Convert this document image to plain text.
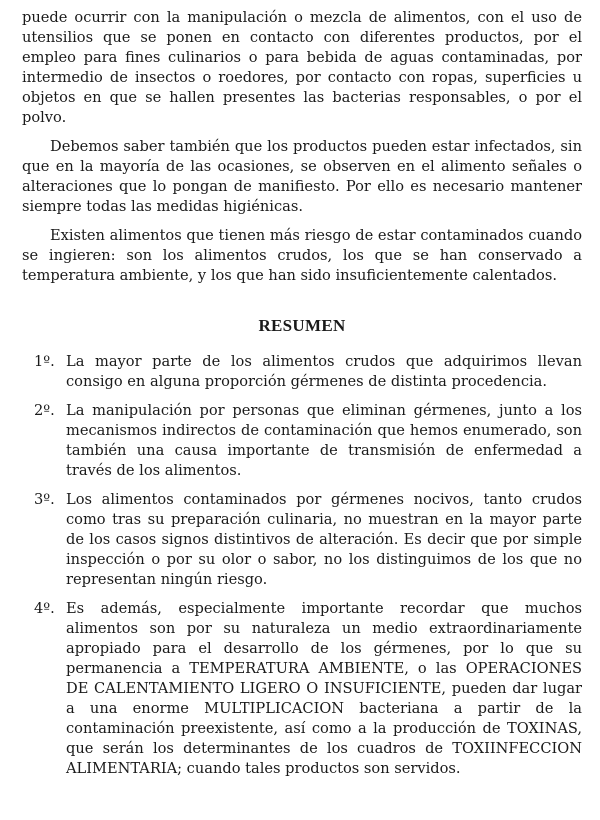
puede ocurrir con la manipulación o mezcla de alimentos, con el uso de utensilios que se ponen en contacto con diferentes productos, por el empleo para fines culinarios o para bebida de aguas contaminadas, por intermedio de insectos o roedores, por contacto con ropas, superficies u objetos en que se hallen presentes las bacterias responsables, o por el polvo.

Debemos saber también que los productos pueden estar infectados, sin que en la mayoría de las ocasiones, se observen en el alimento señales o alteraciones que lo pongan de manifiesto. Por ello es necesario mantener siempre todas las medidas higiénicas.

Existen alimentos que tienen más riesgo de estar contaminados cuando se ingieren: son los alimentos crudos, los que se han conservado a temperatura ambiente, y los que han sido insuficientemente calentados.

RESUMEN
1º. La mayor parte de los alimentos crudos que adquirimos llevan consigo en alguna proporción gérmenes de distinta procedencia.
2º. La manipulación por personas que eliminan gérmenes, junto a los mecanismos indirectos de contaminación que hemos enumerado, son también una causa importante de transmisión de enfermedad a través de los alimentos.
3º. Los alimentos contaminados por gérmenes nocivos, tanto crudos como tras su preparación culinaria, no muestran en la mayor parte de los casos signos distintivos de alteración. Es decir que por simple inspección o por su olor o sabor, no los distinguimos de los que no representan ningún riesgo.
4º. Es además, especialmente importante recordar que muchos alimentos son por su naturaleza un medio extraordinariamente apropiado para el desarrollo de los gérmenes, por lo que su permanencia a TEMPERATURA AMBIENTE, o las OPERACIONES DE CALENTAMIENTO LIGERO O INSUFICIENTE, pueden dar lugar a una enorme MULTIPLICACION bacteriana a partir de la contaminación preexistente, así como a la producción de TOXINAS, que serán los determinantes de los cuadros de TOXIINFECCION ALIMENTARIA; cuando tales productos son servidos.
